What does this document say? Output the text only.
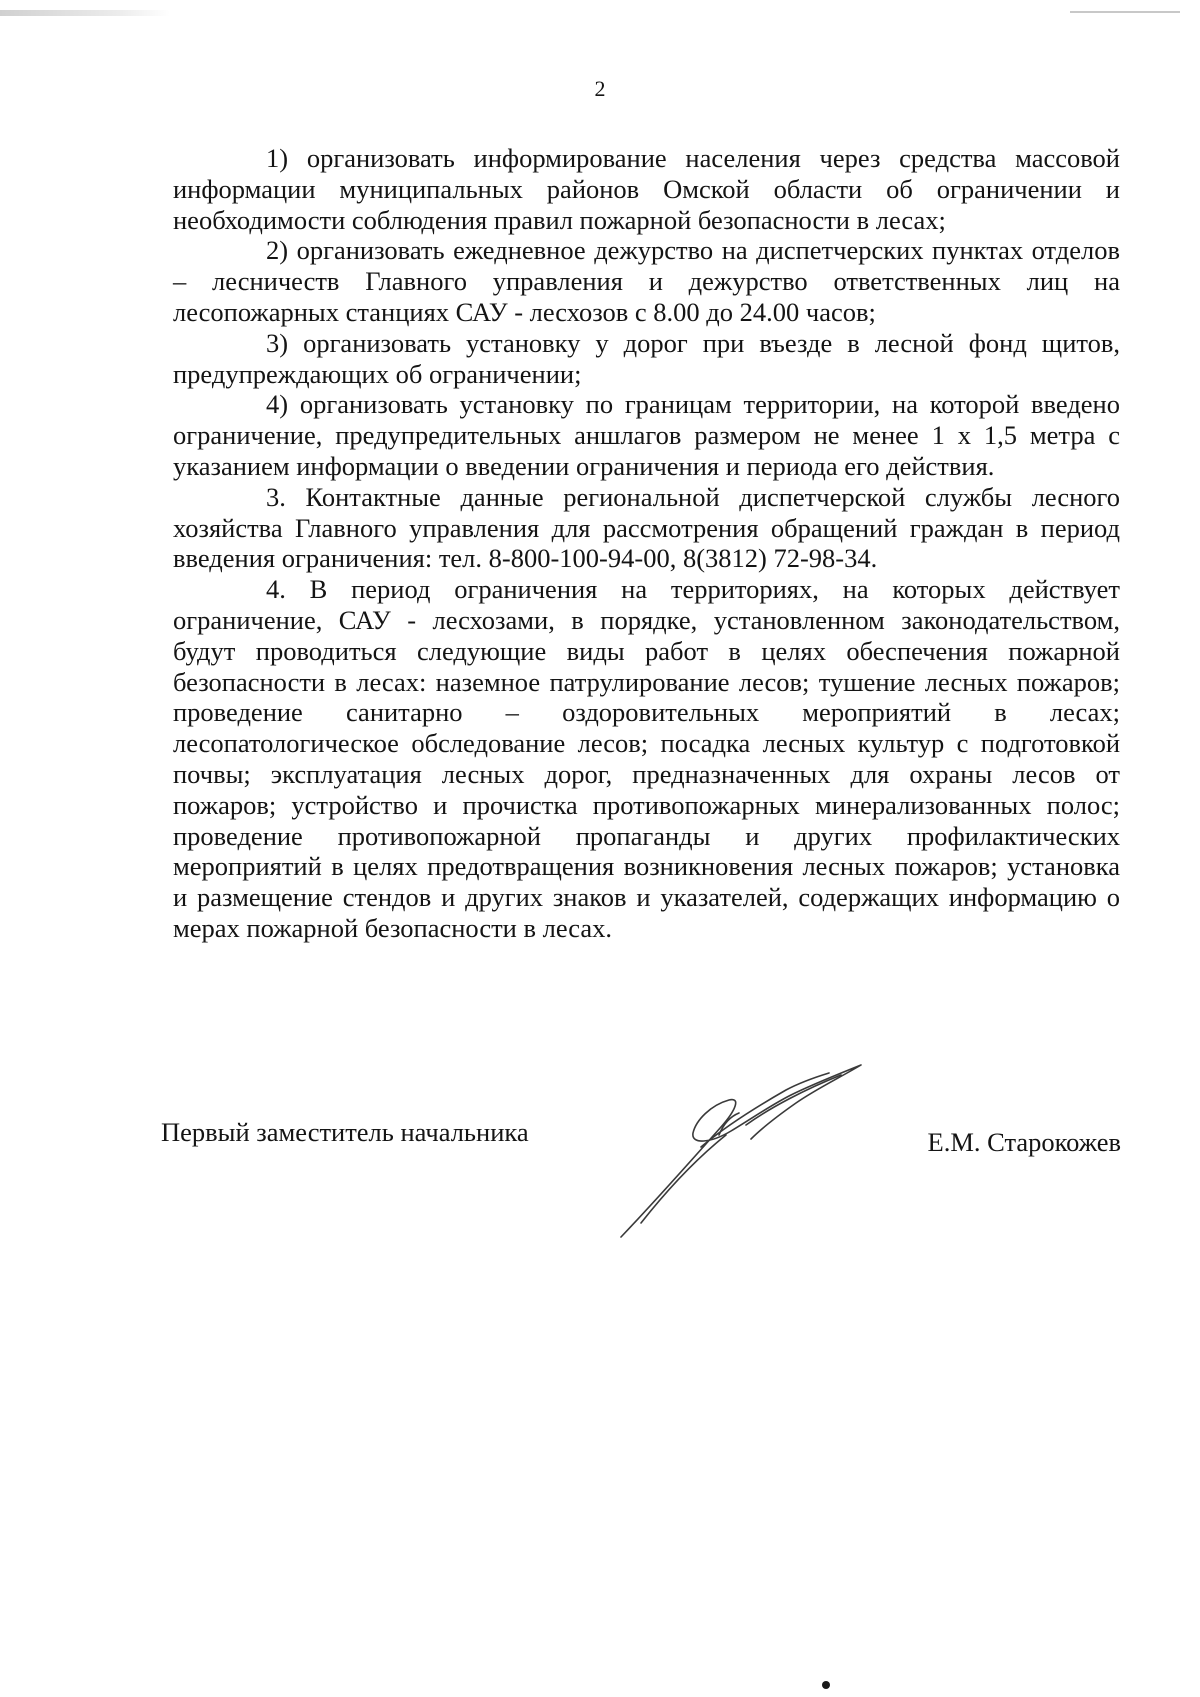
2

1) организовать информирование населения через средства массовой информации муниципальных районов Омской области об ограничении и необходимости соблюдения правил пожарной безопасности в лесах;

2) организовать ежедневное дежурство на диспетчерских пунктах отделов – лесничеств Главного управления и дежурство ответственных лиц на лесопожарных станциях САУ - лесхозов с 8.00 до 24.00 часов;

3) организовать установку у дорог при въезде в лесной фонд щитов, предупреждающих об ограничении;

4) организовать установку по границам территории, на которой введено ограничение, предупредительных аншлагов размером не менее 1 х 1,5 метра с указанием информации о введении ограничения и периода его действия.

3. Контактные данные региональной диспетчерской службы лесного хозяйства Главного управления для рассмотрения обращений граждан в период введения ограничения: тел. 8-800-100-94-00, 8(3812) 72-98-34.

4. В период ограничения на территориях, на которых действует ограничение, САУ - лесхозами, в порядке, установленном законодательством, будут проводиться следующие виды работ в целях обеспечения пожарной безопасности в лесах: наземное патрулирование лесов; тушение лесных пожаров; проведение санитарно – оздоровительных мероприятий в лесах; лесопатологическое обследование лесов; посадка лесных культур с подготовкой почвы; эксплуатация лесных дорог, предназначенных для охраны лесов от пожаров; устройство и прочистка противопожарных минерализованных полос; проведение противопожарной пропаганды и других профилактических мероприятий в целях предотвращения возникновения лесных пожаров; установка и размещение стендов и других знаков и указателей, содержащих информацию о мерах пожарной безопасности в лесах.

Первый заместитель начальника	Е.М. Старокожев
